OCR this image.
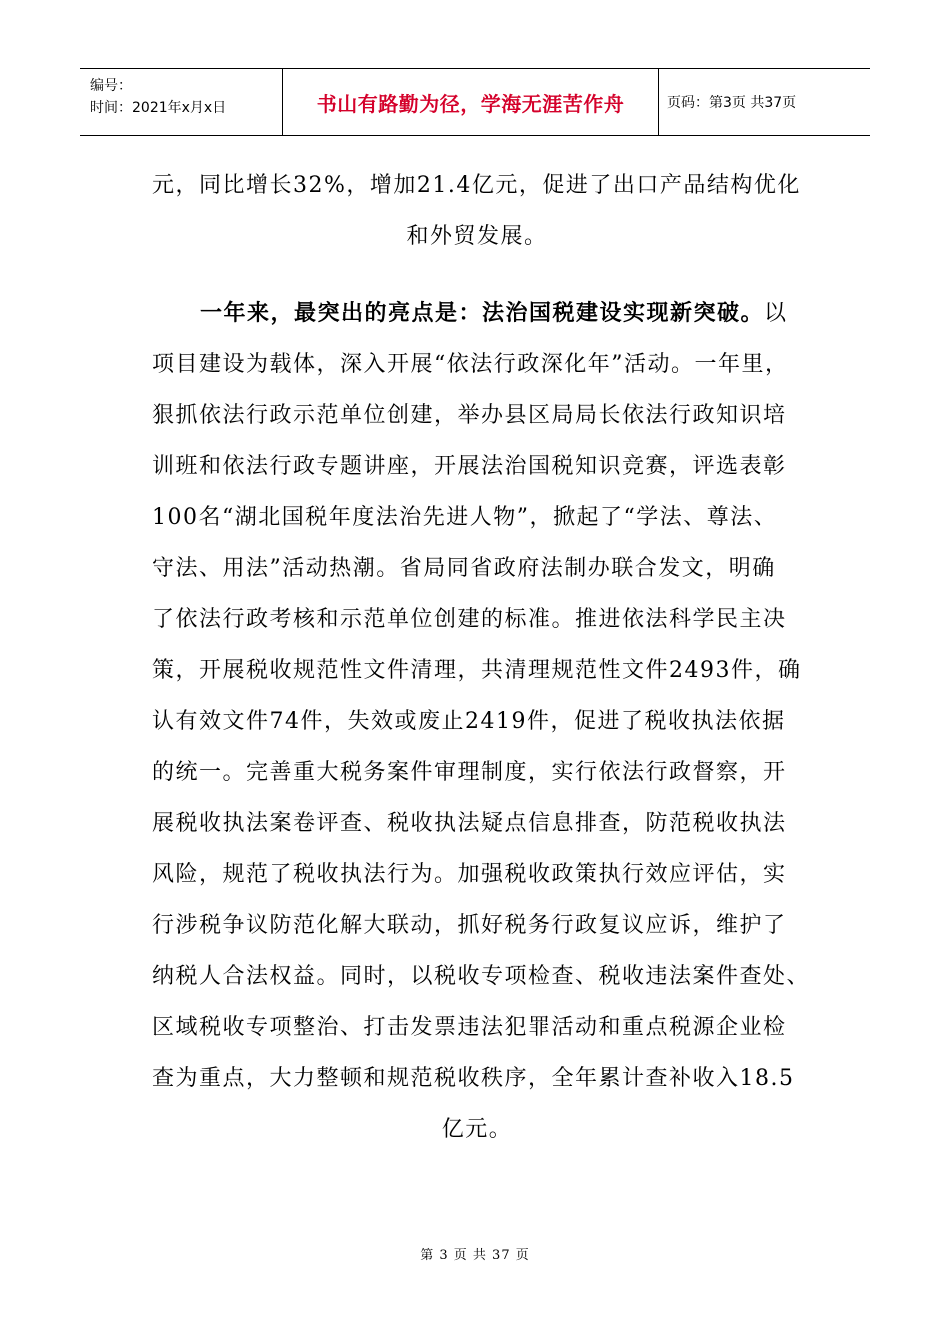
编号：
时间：2021年x月x日	书山有路勤为径，学海无涯苦作舟	页码：第3页 共37页
元，同比增长32%，增加21.4亿元，促进了出口产品结构优化
和外贸发展。
一年来，最突出的亮点是：法治国税建设实现新突破。以
项目建设为载体，深入开展“依法行政深化年”活动。一年里，
狠抓依法行政示范单位创建，举办县区局局长依法行政知识培
训班和依法行政专题讲座，开展法治国税知识竞赛，评选表彰
100名“湖北国税年度法治先进人物”，掀起了“学法、尊法、
守法、用法”活动热潮。省局同省政府法制办联合发文，明确
了依法行政考核和示范单位创建的标准。推进依法科学民主决
策，开展税收规范性文件清理，共清理规范性文件2493件，确
认有效文件74件，失效或废止2419件，促进了税收执法依据
的统一。完善重大税务案件审理制度，实行依法行政督察，开
展税收执法案卷评查、税收执法疑点信息排查，防范税收执法
风险，规范了税收执法行为。加强税收政策执行效应评估，实
行涉税争议防范化解大联动，抓好税务行政复议应诉，维护了
纳税人合法权益。同时，以税收专项检查、税收违法案件查处、
区域税收专项整治、打击发票违法犯罪活动和重点税源企业检
查为重点，大力整顿和规范税收秩序，全年累计查补收入18.5
亿元。
第 3 页 共 37 页
